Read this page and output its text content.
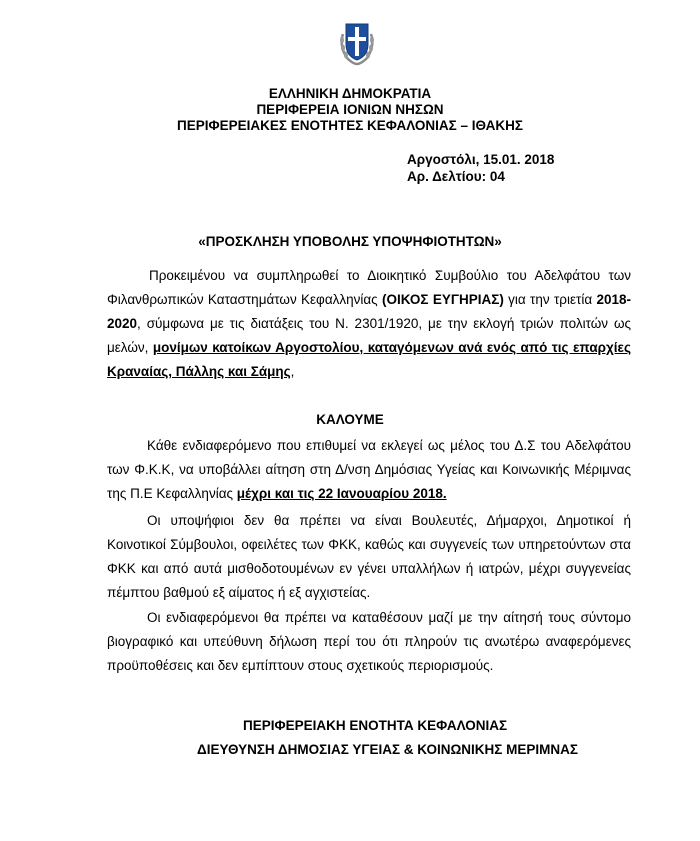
ΕΛΛΗΝΙΚΗ ΔΗΜΟΚΡΑΤΙΑ
ΠΕΡΙΦΕΡΕΙΑ ΙΟΝΙΩΝ ΝΗΣΩΝ
ΠΕΡΙΦΕΡΕΙΑΚΕΣ ΕΝΟΤΗΤΕΣ ΚΕΦΑΛΟΝΙΑΣ – ΙΘΑΚΗΣ
Αργοστόλι, 15.01. 2018
Αρ. Δελτίου: 04
«ΠΡΟΣΚΛΗΣΗ ΥΠΟΒΟΛΗΣ ΥΠΟΨΗΦΙΟΤΗΤΩΝ»
Προκειμένου να συμπληρωθεί το Διοικητικό Συμβούλιο του Αδελφάτου των Φιλανθρωπικών Καταστημάτων Κεφαλληνίας (ΟΙΚΟΣ ΕΥΓΗΡΙΑΣ) για την τριετία 2018-2020, σύμφωνα με τις διατάξεις του Ν. 2301/1920, με την εκλογή τριών πολιτών ως μελών, μονίμων κατοίκων Αργοστολίου, καταγόμενων ανά ενός από τις επαρχίες Κραναίας, Πάλλης και Σάμης,
ΚΑΛΟΥΜΕ
Κάθε ενδιαφερόμενο που επιθυμεί να εκλεγεί ως μέλος του Δ.Σ του Αδελφάτου των Φ.Κ.Κ, να υποβάλλει αίτηση στη Δ/νση Δημόσιας Υγείας και Κοινωνικής Μέριμνας της Π.Ε Κεφαλληνίας μέχρι και τις 22 Ιανουαρίου 2018.
Οι υποψήφιοι δεν θα πρέπει να είναι Βουλευτές, Δήμαρχοι, Δημοτικοί ή Κοινοτικοί Σύμβουλοι, οφειλέτες των ΦΚΚ, καθώς και συγγενείς των υπηρετούντων στα ΦΚΚ και από αυτά μισθοδοτουμένων εν γένει υπαλλήλων ή ιατρών, μέχρι συγγενείας πέμπτου βαθμού εξ αίματος ή εξ αγχιστείας.
Οι ενδιαφερόμενοι θα πρέπει να καταθέσουν μαζί με την αίτησή τους σύντομο βιογραφικό και υπεύθυνη δήλωση περί του ότι πληρούν τις ανωτέρω αναφερόμενες προϋποθέσεις και δεν εμπίπτουν στους σχετικούς περιορισμούς.
ΠΕΡΙΦΕΡΕΙΑΚΗ ΕΝΟΤΗΤΑ ΚΕΦΑΛΟΝΙΑΣ
ΔΙΕΥΘΥΝΣΗ ΔΗΜΟΣΙΑΣ ΥΓΕΙΑΣ & ΚΟΙΝΩΝΙΚΗΣ ΜΕΡΙΜΝΑΣ
